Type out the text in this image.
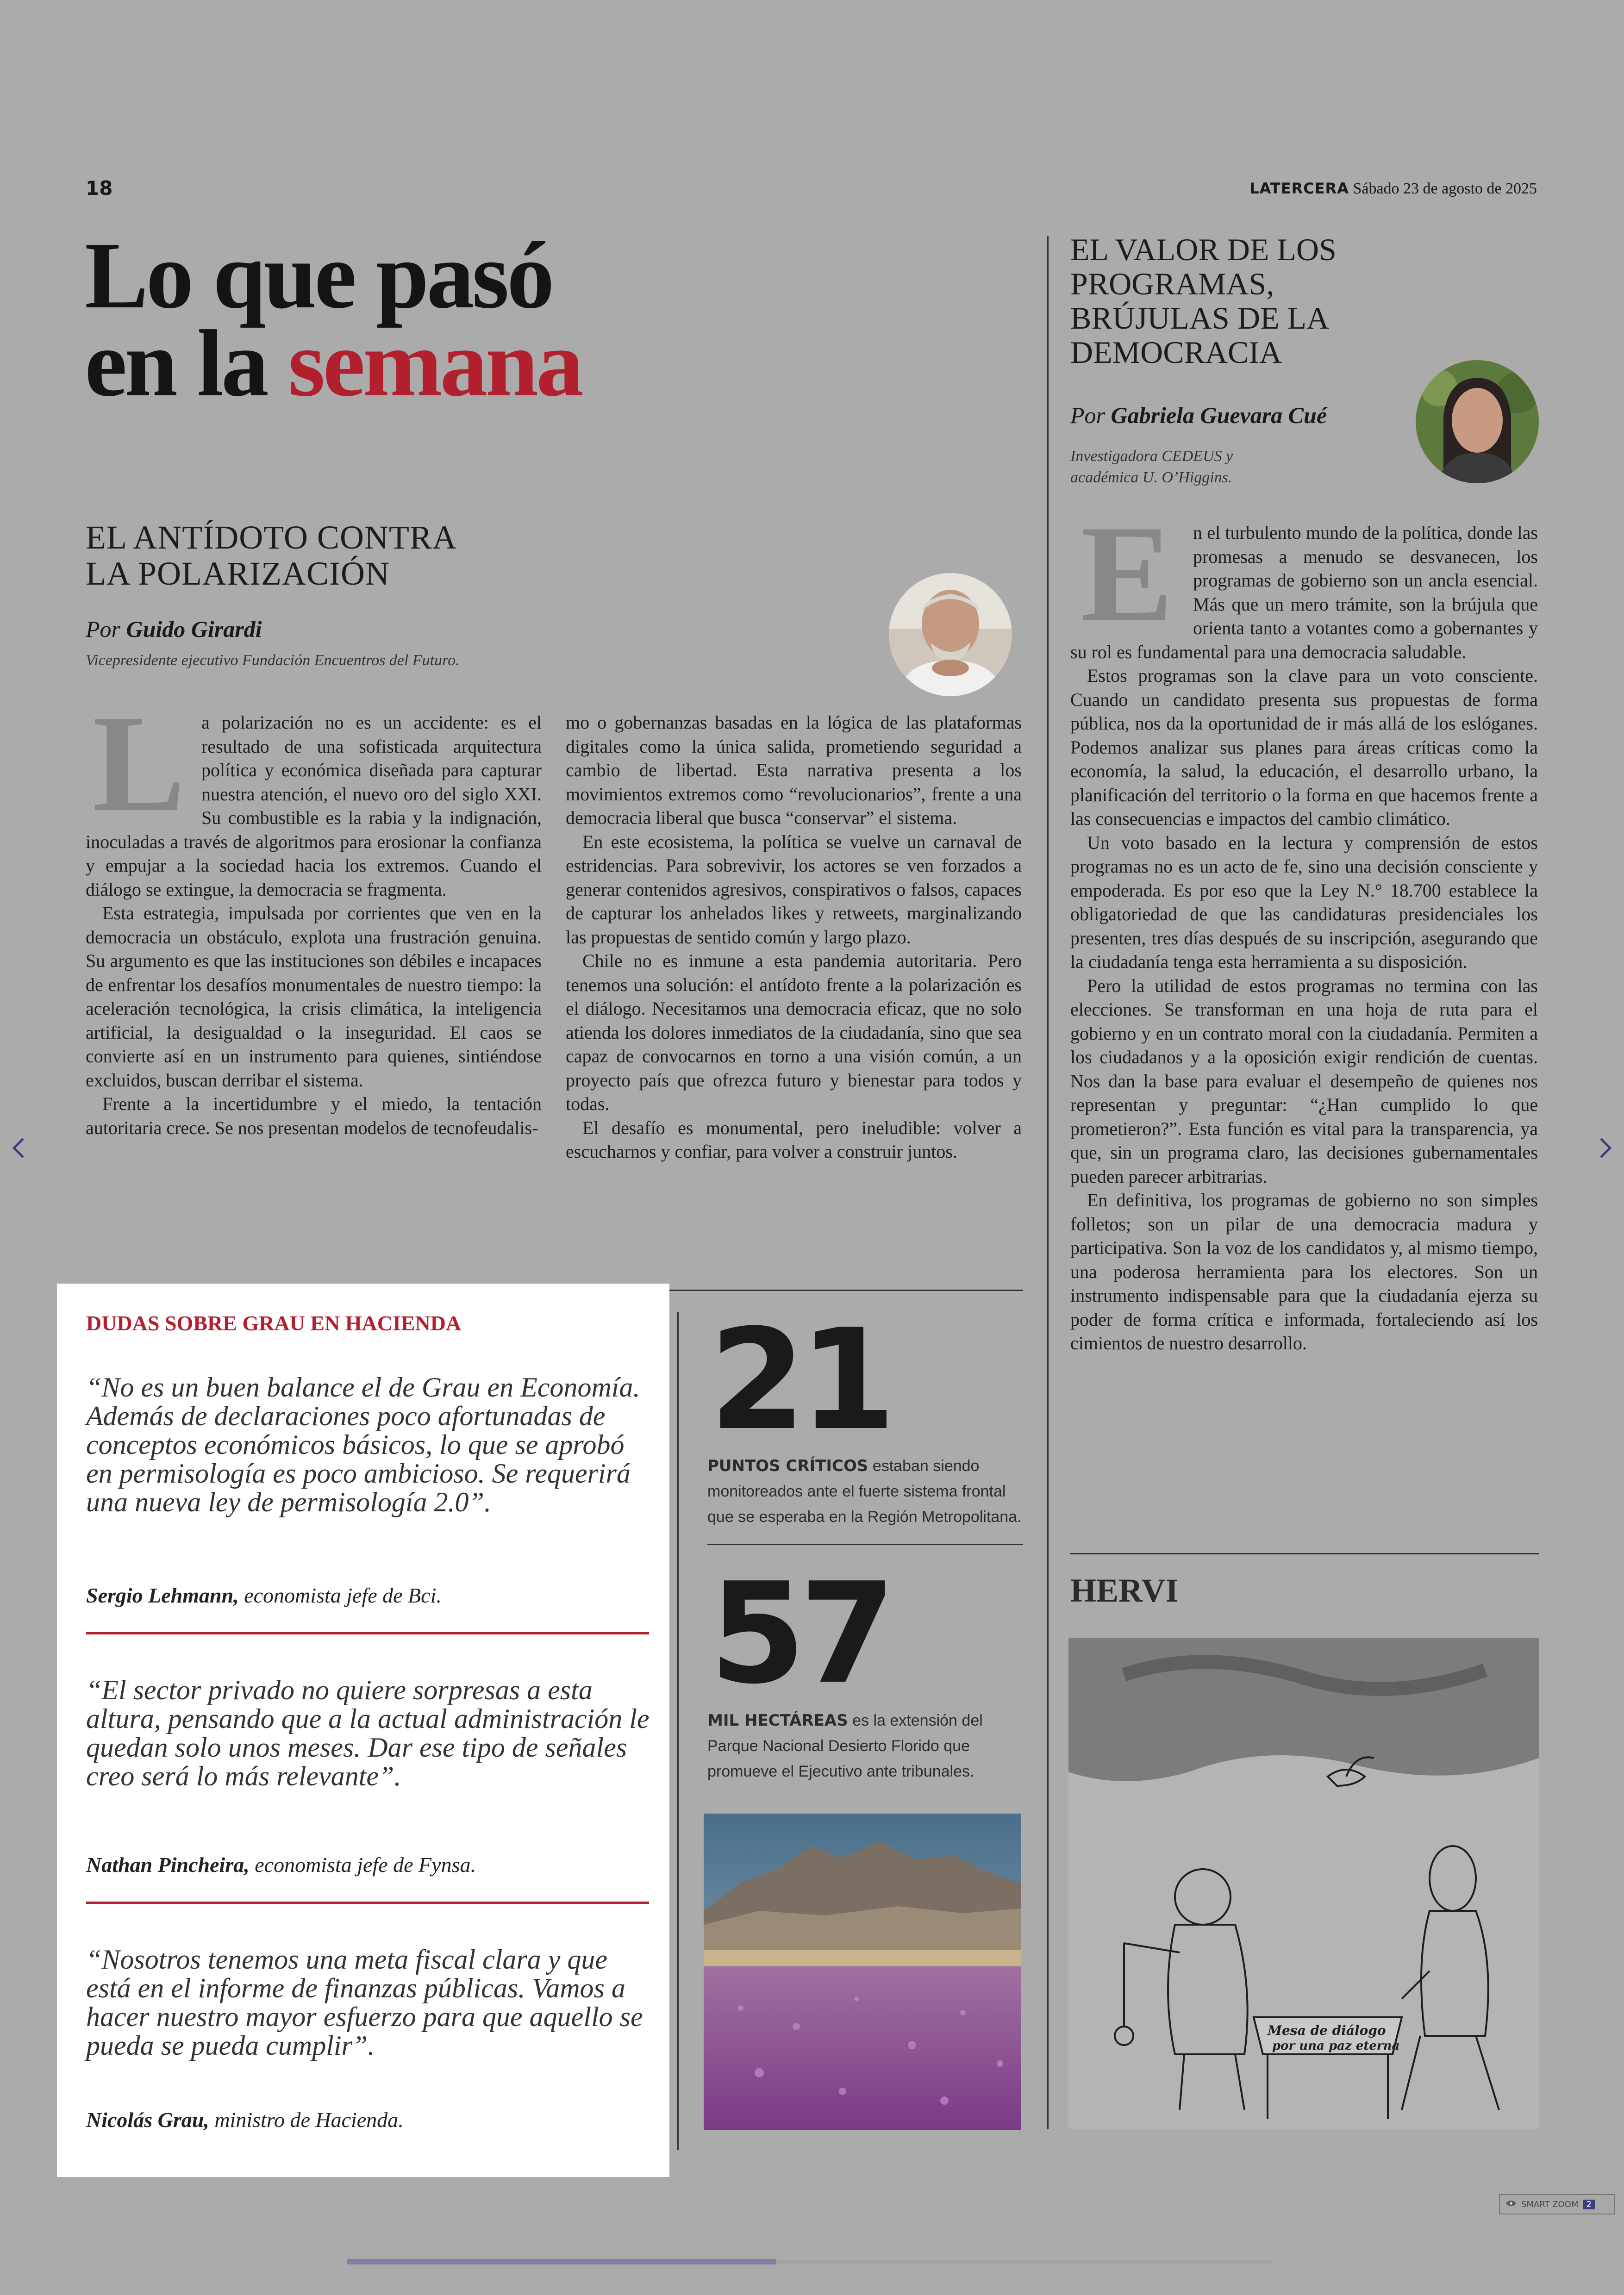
18	LATERCERA Sábado 23 de agosto de 2025
Lo que pasó
en la semana
EL ANTÍDOTO CONTRA
LA POLARIZACIÓN
Por Guido Girardi
Vicepresidente ejecutivo Fundación Encuentros del Futuro.
L a polarización no es un accidente: es el resultado de una sofisticada arquitectura política y económica diseñada para capturar nuestra atención, el nuevo oro del siglo XXI. Su combustible es la rabia y la indignación, inoculadas a través de algoritmos para erosionar la confianza y empujar a la sociedad hacia los extremos. Cuando el diálogo se extingue, la democracia se fragmenta.

Esta estrategia, impulsada por corrientes que ven en la democracia un obstáculo, explota una frustración genuina. Su argumento es que las instituciones son débiles e incapaces de enfrentar los desafíos monumentales de nuestro tiempo: la aceleración tecnológica, la crisis climática, la inteligencia artificial, la desigualdad o la inseguridad. El caos se convierte así en un instrumento para quienes, sintiéndose excluidos, buscan derribar el sistema.

Frente a la incertidumbre y el miedo, la tentación autoritaria crece. Se nos presentan modelos de tecnofeudalis-

mo o gobernanzas basadas en la lógica de las plataformas digitales como la única salida, prometiendo seguridad a cambio de libertad. Esta narrativa presenta a los movimientos extremos como “revolucionarios”, frente a una democracia liberal que busca “conservar” el sistema.

En este ecosistema, la política se vuelve un carnaval de estridencias. Para sobrevivir, los actores se ven forzados a generar contenidos agresivos, conspirativos o falsos, capaces de capturar los anhelados likes y retweets, marginalizando las propuestas de sentido común y largo plazo.

Chile no es inmune a esta pandemia autoritaria. Pero tenemos una solución: el antídoto frente a la polarización es el diálogo. Necesitamos una democracia eficaz, que no solo atienda los dolores inmediatos de la ciudadanía, sino que sea capaz de convocarnos en torno a una visión común, a un proyecto país que ofrezca futuro y bienestar para todos y todas.

El desafío es monumental, pero ineludible: volver a escucharnos y confiar, para volver a construir juntos.

EL VALOR DE LOS
PROGRAMAS,
BRÚJULAS DE LA
DEMOCRACIA
Por Gabriela Guevara Cué
Investigadora CEDEUS y
académica U. O’Higgins.
E	n el turbulento mundo de la política, donde las promesas a menudo se desvanecen, los programas de gobierno son un ancla esencial. Más que un mero trámite, son la brújula que orienta tanto a votantes como a gobernantes y su rol es fundamental para una democracia saludable.

Estos programas son la clave para un voto consciente. Cuando un candidato presenta sus propuestas de forma pública, nos da la oportunidad de ir más allá de los eslóganes. Podemos analizar sus planes para áreas críticas como la economía, la salud, la educación, el desarrollo urbano, la planificación del territorio o la forma en que hacemos frente a las consecuencias e impactos del cambio climático.

Un voto basado en la lectura y comprensión de estos programas no es un acto de fe, sino una decisión consciente y empoderada. Es por eso que la Ley N.° 18.700 establece la obligatoriedad de que las candidaturas presidenciales los presenten, tres días después de su inscripción, asegurando que la ciudadanía tenga esta herramienta a su disposición.

Pero la utilidad de estos programas no termina con las elecciones. Se transforman en una hoja de ruta para el gobierno y en un contrato moral con la ciudadanía. Permiten a los ciudadanos y a la oposición exigir rendición de cuentas. Nos dan la base para evaluar el desempeño de quienes nos representan y preguntar: “¿Han cumplido lo que prometieron?”. Esta función es vital para la transparencia, ya que, sin un programa claro, las decisiones gubernamentales pueden parecer arbitrarias.

En definitiva, los programas de gobierno no son simples folletos; son un pilar de una democracia madura y participativa. Son la voz de los candidatos y, al mismo tiempo, una poderosa herramienta para los electores. Son un instrumento indispensable para que la ciudadanía ejerza su poder de forma crítica e informada, fortaleciendo así los cimientos de nuestro desarrollo.

DUDAS SOBRE GRAU EN HACIENDA
“No es un buen balance el de Grau en Economía. Además de declaraciones poco afortunadas de conceptos económicos básicos, lo que se aprobó en permisología es poco ambicioso. Se requerirá una nueva ley de permisología 2.0”.
Sergio Lehmann, economista jefe de Bci.
“El sector privado no quiere sorpresas a esta altura, pensando que a la actual administración le quedan solo unos meses. Dar ese tipo de señales creo será lo más relevante”.
Nathan Pincheira, economista jefe de Fynsa.
“Nosotros tenemos una meta fiscal clara y que está en el informe de finanzas públicas. Vamos a hacer nuestro mayor esfuerzo para que aquello se pueda se pueda cumplir”.
Nicolás Grau, ministro de Hacienda.
21
PUNTOS CRÍTICOS estaban siendo
monitoreados ante el fuerte sistema frontal
que se esperaba en la Región Metropolitana.
57
MIL HECTÁREAS es la extensión del
Parque Nacional Desierto Florido que
promueve el Ejecutivo ante tribunales.
HERVI
Mesa de diálogo
por una paz eterna
SMART ZOOM 2
